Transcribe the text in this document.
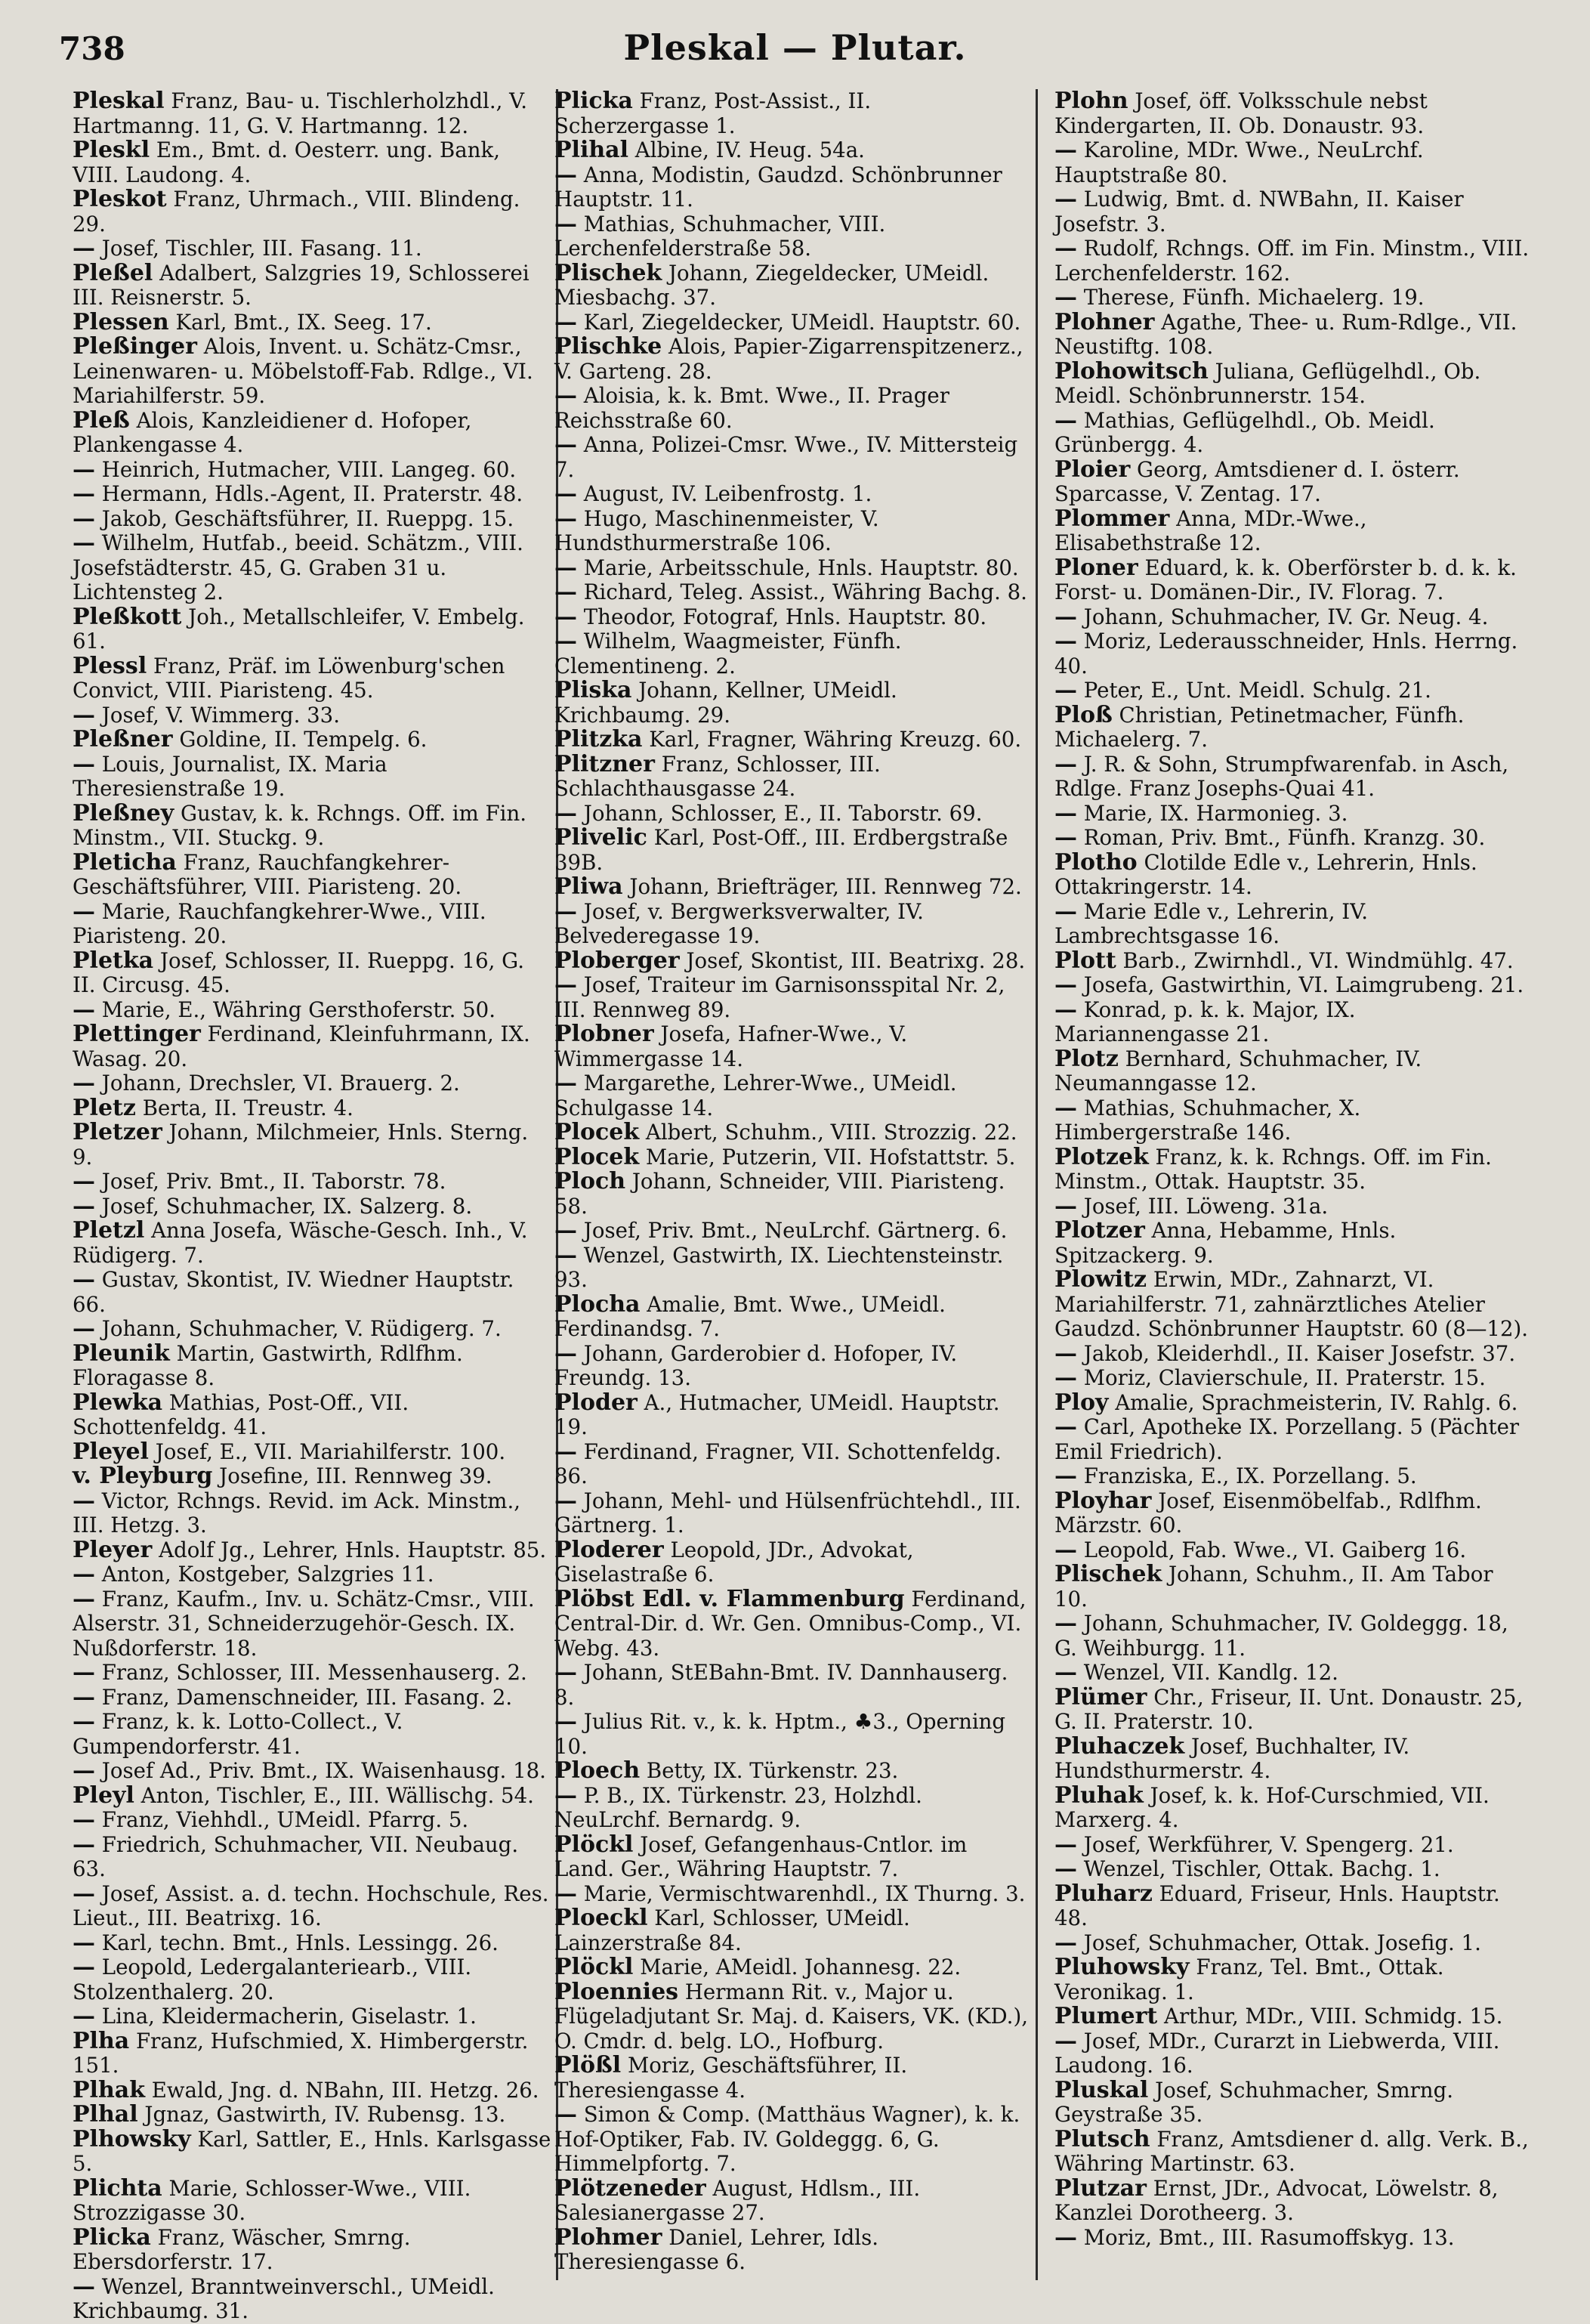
738	Pleskal — Plutar.

Pleskal Franz, Bau- u. Tischlerholzhdl., V. Hartmanng. 11, G. V. Hartmanng. 12.

Pleskl Em., Bmt. d. Oesterr. ung. Bank, VIII. Laudong. 4.

Pleskot Franz, Uhrmach., VIII. Blindeng. 29.

— Josef, Tischler, III. Fasang. 11.

Pleßel Adalbert, Salzgries 19, Schlosserei III. Reisnerstr. 5.

Plessen Karl, Bmt., IX. Seeg. 17.

Pleßinger Alois, Invent. u. Schätz-Cmsr., Leinenwaren- u. Möbelstoff-Fab. Rdlge., VI. Mariahilferstr. 59.

Pleß Alois, Kanzleidiener d. Hofoper, Plankengasse 4.

— Heinrich, Hutmacher, VIII. Langeg. 60.

— Hermann, Hdls.-Agent, II. Praterstr. 48.

— Jakob, Geschäftsführer, II. Rueppg. 15.

— Wilhelm, Hutfab., beeid. Schätzm., VIII. Josefstädterstr. 45, G. Graben 31 u. Lichtensteg 2.

Pleßkott Joh., Metallschleifer, V. Embelg. 61.

Plessl Franz, Präf. im Löwenburg'schen Convict, VIII. Piaristeng. 45.

— Josef, V. Wimmerg. 33.

Pleßner Goldine, II. Tempelg. 6.

— Louis, Journalist, IX. Maria Theresienstraße 19.

Pleßney Gustav, k. k. Rchngs. Off. im Fin. Minstm., VII. Stuckg. 9.

Pleticha Franz, Rauchfangkehrer-Geschäftsführer, VIII. Piaristeng. 20.

— Marie, Rauchfangkehrer-Wwe., VIII. Piaristeng. 20.

Pletka Josef, Schlosser, II. Rueppg. 16, G. II. Circusg. 45.

— Marie, E., Währing Gersthoferstr. 50.

Plettinger Ferdinand, Kleinfuhrmann, IX. Wasag. 20.

— Johann, Drechsler, VI. Brauerg. 2.

Pletz Berta, II. Treustr. 4.

Pletzer Johann, Milchmeier, Hnls. Sterng. 9.

— Josef, Priv. Bmt., II. Taborstr. 78.

— Josef, Schuhmacher, IX. Salzerg. 8.

Pletzl Anna Josefa, Wäsche-Gesch. Inh., V. Rüdigerg. 7.

— Gustav, Skontist, IV. Wiedner Hauptstr. 66.

— Johann, Schuhmacher, V. Rüdigerg. 7.

Pleunik Martin, Gastwirth, Rdlfhm. Floragasse 8.

Plewka Mathias, Post-Off., VII. Schottenfeldg. 41.

Pleyel Josef, E., VII. Mariahilferstr. 100.

v. Pleyburg Josefine, III. Rennweg 39.

— Victor, Rchngs. Revid. im Ack. Minstm., III. Hetzg. 3.

Pleyer Adolf Jg., Lehrer, Hnls. Hauptstr. 85.

— Anton, Kostgeber, Salzgries 11.

— Franz, Kaufm., Inv. u. Schätz-Cmsr., VIII. Alserstr. 31, Schneiderzugehör-Gesch. IX. Nußdorferstr. 18.

— Franz, Schlosser, III. Messenhauserg. 2.

— Franz, Damenschneider, III. Fasang. 2.

— Franz, k. k. Lotto-Collect., V. Gumpendorferstr. 41.

— Josef Ad., Priv. Bmt., IX. Waisenhausg. 18.

Pleyl Anton, Tischler, E., III. Wällischg. 54.

— Franz, Viehhdl., UMeidl. Pfarrg. 5.

— Friedrich, Schuhmacher, VII. Neubaug. 63.

— Josef, Assist. a. d. techn. Hochschule, Res. Lieut., III. Beatrixg. 16.

— Karl, techn. Bmt., Hnls. Lessingg. 26.

— Leopold, Ledergalanteriearb., VIII. Stolzenthalerg. 20.

— Lina, Kleidermacherin, Giselastr. 1.

Plha Franz, Hufschmied, X. Himbergerstr. 151.

Plhak Ewald, Jng. d. NBahn, III. Hetzg. 26.

Plhal Jgnaz, Gastwirth, IV. Rubensg. 13.

Plhowsky Karl, Sattler, E., Hnls. Karlsgasse 5.

Plichta Marie, Schlosser-Wwe., VIII. Strozzigasse 30.

Plicka Franz, Wäscher, Smrng. Ebersdorferstr. 17.

— Wenzel, Branntweinverschl., UMeidl. Krichbaumg. 31.

Plicka Franz, Post-Assist., II. Scherzergasse 1.

Plihal Albine, IV. Heug. 54a.

— Anna, Modistin, Gaudzd. Schönbrunner Hauptstr. 11.

— Mathias, Schuhmacher, VIII. Lerchenfelderstraße 58.

Plischek Johann, Ziegeldecker, UMeidl. Miesbachg. 37.

— Karl, Ziegeldecker, UMeidl. Hauptstr. 60.

Plischke Alois, Papier-Zigarrenspitzenerz., V. Garteng. 28.

— Aloisia, k. k. Bmt. Wwe., II. Prager Reichsstraße 60.

— Anna, Polizei-Cmsr. Wwe., IV. Mittersteig 7.

— August, IV. Leibenfrostg. 1.

— Hugo, Maschinenmeister, V. Hundsthurmerstraße 106.

— Marie, Arbeitsschule, Hnls. Hauptstr. 80.

— Richard, Teleg. Assist., Währing Bachg. 8.

— Theodor, Fotograf, Hnls. Hauptstr. 80.

— Wilhelm, Waagmeister, Fünfh. Clementineng. 2.

Pliska Johann, Kellner, UMeidl. Krichbaumg. 29.

Plitzka Karl, Fragner, Währing Kreuzg. 60.

Plitzner Franz, Schlosser, III. Schlachthausgasse 24.

— Johann, Schlosser, E., II. Taborstr. 69.

Plivelic Karl, Post-Off., III. Erdbergstraße 39B.

Pliwa Johann, Briefträger, III. Rennweg 72.

— Josef, v. Bergwerksverwalter, IV. Belvederegasse 19.

Ploberger Josef, Skontist, III. Beatrixg. 28.

— Josef, Traiteur im Garnisonsspital Nr. 2, III. Rennweg 89.

Plobner Josefa, Hafner-Wwe., V. Wimmergasse 14.

— Margarethe, Lehrer-Wwe., UMeidl. Schulgasse 14.

Plocek Albert, Schuhm., VIII. Strozzig. 22.

Plocek Marie, Putzerin, VII. Hofstattstr. 5.

Ploch Johann, Schneider, VIII. Piaristeng. 58.

— Josef, Priv. Bmt., NeuLrchf. Gärtnerg. 6.

— Wenzel, Gastwirth, IX. Liechtensteinstr. 93.

Plocha Amalie, Bmt. Wwe., UMeidl. Ferdinandsg. 7.

— Johann, Garderobier d. Hofoper, IV. Freundg. 13.

Ploder A., Hutmacher, UMeidl. Hauptstr. 19.

— Ferdinand, Fragner, VII. Schottenfeldg. 86.

— Johann, Mehl- und Hülsenfrüchtehdl., III. Gärtnerg. 1.

Ploderer Leopold, JDr., Advokat, Giselastraße 6.

Plöbst Edl. v. Flammenburg Ferdinand, Central-Dir. d. Wr. Gen. Omnibus-Comp., VI. Webg. 43.

— Johann, StEBahn-Bmt. IV. Dannhauserg. 8.

— Julius Rit. v., k. k. Hptm., ♣3., Operning 10.

Ploech Betty, IX. Türkenstr. 23.

— P. B., IX. Türkenstr. 23, Holzhdl. NeuLrchf. Bernardg. 9.

Plöckl Josef, Gefangenhaus-Cntlor. im Land. Ger., Währing Hauptstr. 7.

— Marie, Vermischtwarenhdl., IX Thurng. 3.

Ploeckl Karl, Schlosser, UMeidl. Lainzerstraße 84.

Plöckl Marie, AMeidl. Johannesg. 22.

Ploennies Hermann Rit. v., Major u. Flügeladjutant Sr. Maj. d. Kaisers, VK. (KD.), O. Cmdr. d. belg. LO., Hofburg.

Plößl Moriz, Geschäftsführer, II. Theresiengasse 4.

— Simon & Comp. (Matthäus Wagner), k. k. Hof-Optiker, Fab. IV. Goldeggg. 6, G. Himmelpfortg. 7.

Plötzeneder August, Hdlsm., III. Salesianergasse 27.

Plohmer Daniel, Lehrer, Idls. Theresiengasse 6.

Plohn Josef, öff. Volksschule nebst Kindergarten, II. Ob. Donaustr. 93.

— Karoline, MDr. Wwe., NeuLrchf. Hauptstraße 80.

— Ludwig, Bmt. d. NWBahn, II. Kaiser Josefstr. 3.

— Rudolf, Rchngs. Off. im Fin. Minstm., VIII. Lerchenfelderstr. 162.

— Therese, Fünfh. Michaelerg. 19.

Plohner Agathe, Thee- u. Rum-Rdlge., VII. Neustiftg. 108.

Plohowitsch Juliana, Geflügelhdl., Ob. Meidl. Schönbrunnerstr. 154.

— Mathias, Geflügelhdl., Ob. Meidl. Grünbergg. 4.

Ploier Georg, Amtsdiener d. I. österr. Sparcasse, V. Zentag. 17.

Plommer Anna, MDr.-Wwe., Elisabethstraße 12.

Ploner Eduard, k. k. Oberförster b. d. k. k. Forst- u. Domänen-Dir., IV. Florag. 7.

— Johann, Schuhmacher, IV. Gr. Neug. 4.

— Moriz, Lederausschneider, Hnls. Herrng. 40.

— Peter, E., Unt. Meidl. Schulg. 21.

Ploß Christian, Petinetmacher, Fünfh. Michaelerg. 7.

— J. R. & Sohn, Strumpfwarenfab. in Asch, Rdlge. Franz Josephs-Quai 41.

— Marie, IX. Harmonieg. 3.

— Roman, Priv. Bmt., Fünfh. Kranzg. 30.

Plotho Clotilde Edle v., Lehrerin, Hnls. Ottakringerstr. 14.

— Marie Edle v., Lehrerin, IV. Lambrechtsgasse 16.

Plott Barb., Zwirnhdl., VI. Windmühlg. 47.

— Josefa, Gastwirthin, VI. Laimgrubeng. 21.

— Konrad, p. k. k. Major, IX. Mariannengasse 21.

Plotz Bernhard, Schuhmacher, IV. Neumanngasse 12.

— Mathias, Schuhmacher, X. Himbergerstraße 146.

Plotzek Franz, k. k. Rchngs. Off. im Fin. Minstm., Ottak. Hauptstr. 35.

— Josef, III. Löweng. 31a.

Plotzer Anna, Hebamme, Hnls. Spitzackerg. 9.

Plowitz Erwin, MDr., Zahnarzt, VI. Mariahilferstr. 71, zahnärztliches Atelier Gaudzd. Schönbrunner Hauptstr. 60 (8—12).

— Jakob, Kleiderhdl., II. Kaiser Josefstr. 37.

— Moriz, Clavierschule, II. Praterstr. 15.

Ploy Amalie, Sprachmeisterin, IV. Rahlg. 6.

— Carl, Apotheke IX. Porzellang. 5 (Pächter Emil Friedrich).

— Franziska, E., IX. Porzellang. 5.

Ployhar Josef, Eisenmöbelfab., Rdlfhm. Märzstr. 60.

— Leopold, Fab. Wwe., VI. Gaiberg 16.

Plischek Johann, Schuhm., II. Am Tabor 10.

— Johann, Schuhmacher, IV. Goldeggg. 18, G. Weihburgg. 11.

— Wenzel, VII. Kandlg. 12.

Plümer Chr., Friseur, II. Unt. Donaustr. 25, G. II. Praterstr. 10.

Pluhaczek Josef, Buchhalter, IV. Hundsthurmerstr. 4.

Pluhak Josef, k. k. Hof-Curschmied, VII. Marxerg. 4.

— Josef, Werkführer, V. Spengerg. 21.

— Wenzel, Tischler, Ottak. Bachg. 1.

Pluharz Eduard, Friseur, Hnls. Hauptstr. 48.

— Josef, Schuhmacher, Ottak. Josefig. 1.

Pluhowsky Franz, Tel. Bmt., Ottak. Veronikag. 1.

Plumert Arthur, MDr., VIII. Schmidg. 15.

— Josef, MDr., Curarzt in Liebwerda, VIII. Laudong. 16.

Pluskal Josef, Schuhmacher, Smrng. Geystraße 35.

Plutsch Franz, Amtsdiener d. allg. Verk. B., Währing Martinstr. 63.

Plutzar Ernst, JDr., Advocat, Löwelstr. 8, Kanzlei Dorotheerg. 3.

— Moriz, Bmt., III. Rasumoffskyg. 13.
